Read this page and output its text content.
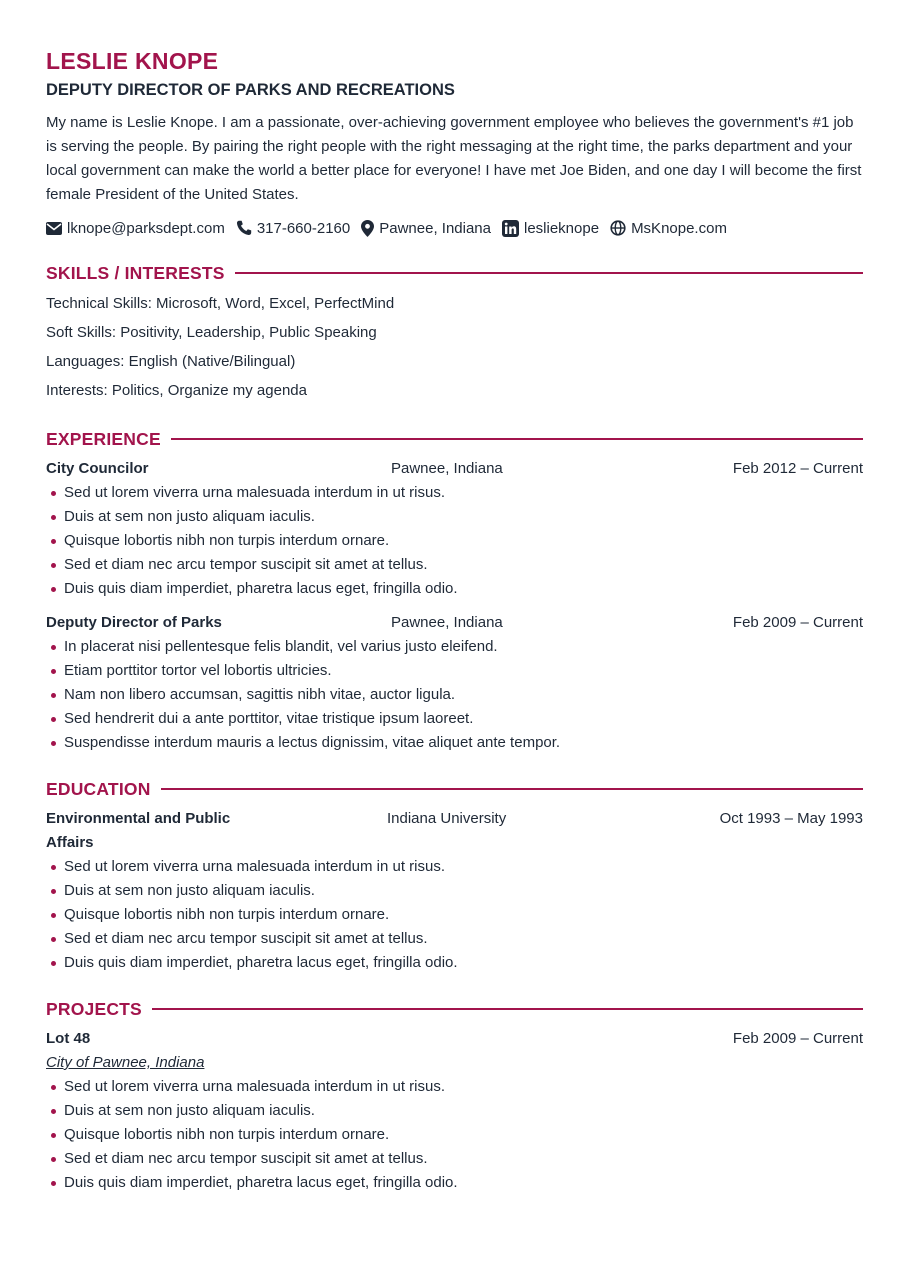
LESLIE KNOPE
DEPUTY DIRECTOR OF PARKS AND RECREATIONS
My name is Leslie Knope. I am a passionate, over-achieving government employee who believes the government's #1 job is serving the people. By pairing the right people with the right messaging at the right time, the parks department and your local government can make the world a better place for everyone! I have met Joe Biden, and one day I will become the first female President of the United States.
lknope@parksdept.com 317-660-2160 Pawnee, Indiana leslieknope MsKnope.com
SKILLS / INTERESTS
Technical Skills: Microsoft, Word, Excel, PerfectMind
Soft Skills: Positivity, Leadership, Public Speaking
Languages: English (Native/Bilingual)
Interests: Politics, Organize my agenda
EXPERIENCE
City Councilor	Pawnee, Indiana	Feb 2012 – Current
Sed ut lorem viverra urna malesuada interdum in ut risus.
Duis at sem non justo aliquam iaculis.
Quisque lobortis nibh non turpis interdum ornare.
Sed et diam nec arcu tempor suscipit sit amet at tellus.
Duis quis diam imperdiet, pharetra lacus eget, fringilla odio.
Deputy Director of Parks	Pawnee, Indiana	Feb 2009 – Current
In placerat nisi pellentesque felis blandit, vel varius justo eleifend.
Etiam porttitor tortor vel lobortis ultricies.
Nam non libero accumsan, sagittis nibh vitae, auctor ligula.
Sed hendrerit dui a ante porttitor, vitae tristique ipsum laoreet.
Suspendisse interdum mauris a lectus dignissim, vitae aliquet ante tempor.
EDUCATION
Environmental and Public Affairs
Indiana University	Oct 1993 – May 1993
Sed ut lorem viverra urna malesuada interdum in ut risus.
Duis at sem non justo aliquam iaculis.
Quisque lobortis nibh non turpis interdum ornare.
Sed et diam nec arcu tempor suscipit sit amet at tellus.
Duis quis diam imperdiet, pharetra lacus eget, fringilla odio.
PROJECTS
Lot 48	Feb 2009 – Current
City of Pawnee, Indiana
Sed ut lorem viverra urna malesuada interdum in ut risus.
Duis at sem non justo aliquam iaculis.
Quisque lobortis nibh non turpis interdum ornare.
Sed et diam nec arcu tempor suscipit sit amet at tellus.
Duis quis diam imperdiet, pharetra lacus eget, fringilla odio.
